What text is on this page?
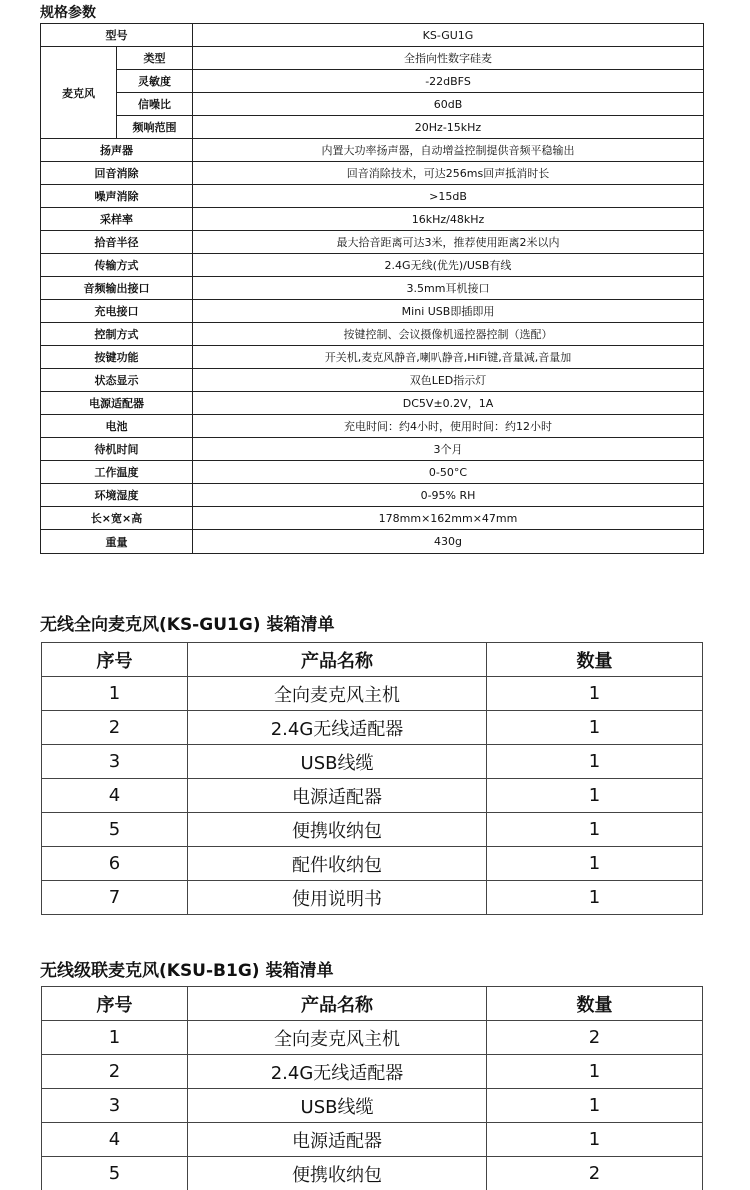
规格参数
型号		KS-GU1G
麦克风	类型	全指向性数字硅麦
	灵敏度	-22dBFS
	信噪比	60dB
	频响范围	20Hz-15kHz
扬声器		内置大功率扬声器，自动增益控制提供音频平稳输出
回音消除		回音消除技术，可达256ms回声抵消时长
噪声消除		>15dB
采样率		16kHz/48kHz
拾音半径		最大拾音距离可达3米，推荐使用距离2米以内
传输方式		2.4G无线(优先)/USB有线
音频输出接口		3.5mm耳机接口
充电接口		Mini USB即插即用
控制方式		按键控制、会议摄像机遥控器控制（选配）
按键功能		开关机,麦克风静音,喇叭静音,HiFi键,音量减,音量加
状态显示		双色LED指示灯
电源适配器		DC5V±0.2V，1A
电池		充电时间：约4小时，使用时间：约12小时
待机时间		3个月
工作温度		0-50°C
环境湿度		0-95% RH
长×宽×高		178mm×162mm×47mm
重量		430g
无线全向麦克风(KS-GU1G) 装箱清单
序号	产品名称	数量
1	全向麦克风主机	1
2	2.4G无线适配器	1
3	USB线缆	1
4	电源适配器	1
5	便携收纳包	1
6	配件收纳包	1
7	使用说明书	1
无线级联麦克风(KSU-B1G) 装箱清单
序号	产品名称	数量
1	全向麦克风主机	2
2	2.4G无线适配器	1
3	USB线缆	1
4	电源适配器	1
5	便携收纳包	2
